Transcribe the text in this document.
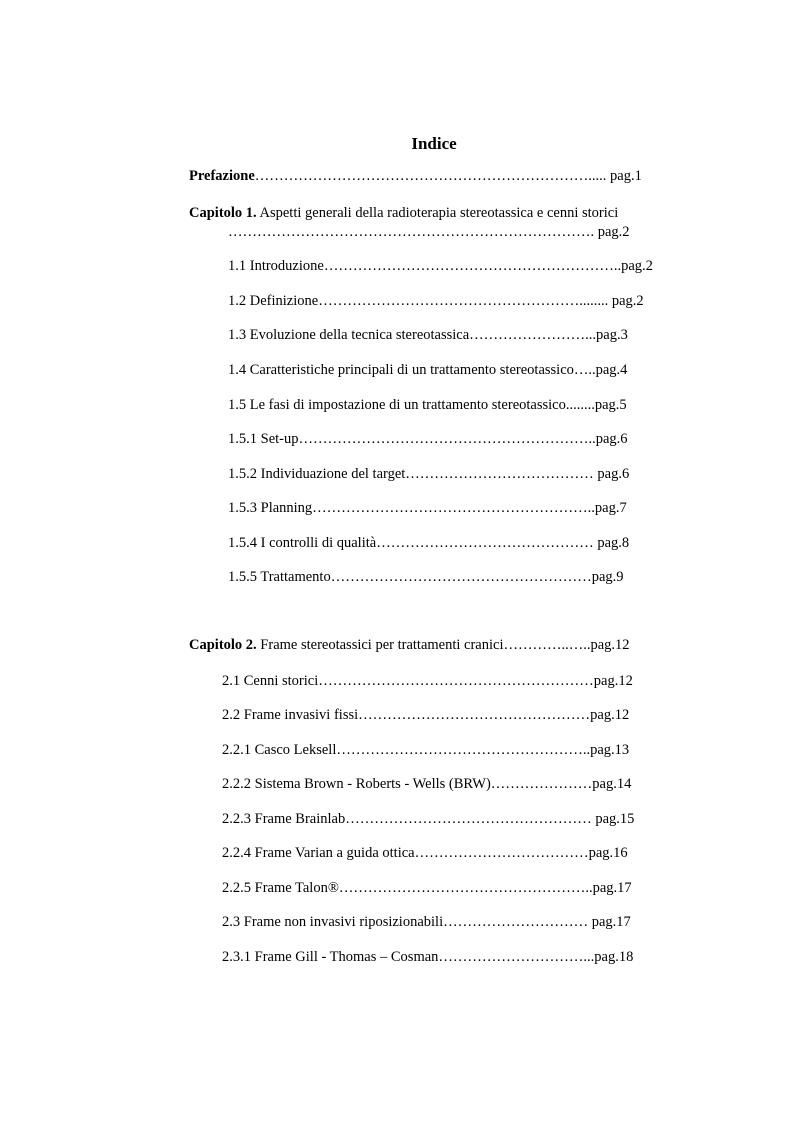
Indice
Prefazione……………………………………………………………..... pag.1
Capitolo 1. Aspetti generali della radioterapia stereotassica e cenni storici
…………………………………………………………………. pag.2
1.1 Introduzione……………………………………………………..pag.2
1.2 Definizione………………………………………………........ pag.2
1.3 Evoluzione della tecnica stereotassica……………………...pag.3
1.4 Caratteristiche principali di un trattamento stereotassico…..pag.4
1.5 Le fasi di impostazione di un trattamento stereotassico........pag.5
1.5.1 Set-up……………………………………………………..pag.6
1.5.2 Individuazione del target………………………………… pag.6
1.5.3 Planning…………………………………………………..pag.7
1.5.4 I controlli di qualità……………………………………… pag.8
1.5.5 Trattamento………………………………………………pag.9
Capitolo 2. Frame stereotassici per trattamenti cranici…………..…..pag.12
2.1 Cenni storici…………………………………………………pag.12
2.2 Frame invasivi fissi…………………………………………pag.12
2.2.1 Casco Leksell……………………………………………..pag.13
2.2.2 Sistema Brown - Roberts - Wells (BRW)…………………pag.14
2.2.3 Frame Brainlab…………………………………………… pag.15
2.2.4 Frame Varian a guida ottica………………………………pag.16
2.2.5 Frame Talon®……………………………………………..pag.17
2.3 Frame non invasivi riposizionabili………………………… pag.17
2.3.1 Frame Gill - Thomas – Cosman…………………………...pag.18
